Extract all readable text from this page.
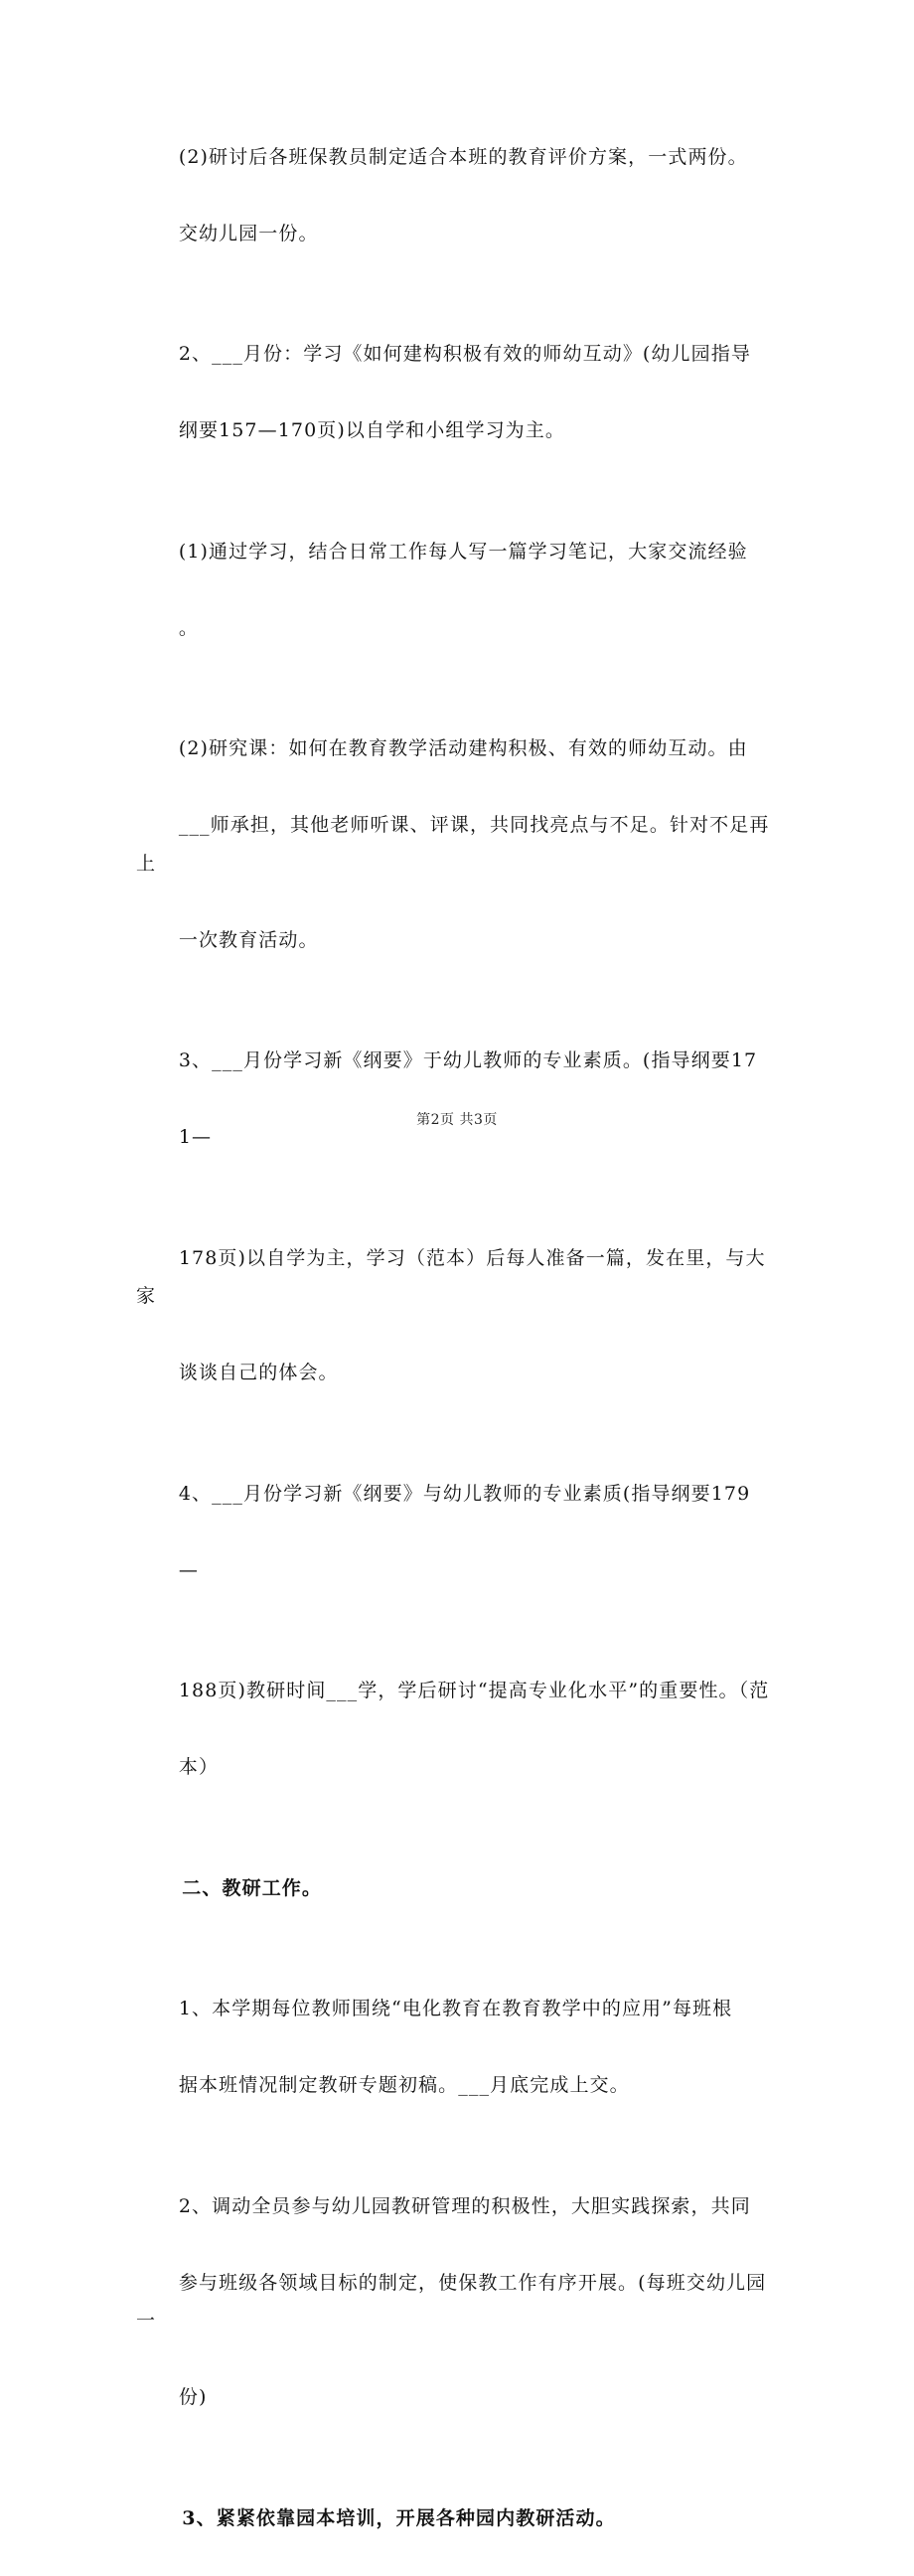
(2)研讨后各班保教员制定适合本班的教育评价方案，一式两份。

交幼儿园一份。

2、___月份：学习《如何建构积极有效的师幼互动》(幼儿园指导

纲要157—170页)以自学和小组学习为主。

(1)通过学习，结合日常工作每人写一篇学习笔记，大家交流经验

。

(2)研究课：如何在教育教学活动建构积极、有效的师幼互动。由

___师承担，其他老师听课、评课，共同找亮点与不足。针对不足再上

一次教育活动。

3、___月份学习新《纲要》于幼儿教师的专业素质。(指导纲要17

1—

178页)以自学为主，学习（范本）后每人准备一篇，发在里，与大家

谈谈自己的体会。

4、___月份学习新《纲要》与幼儿教师的专业素质(指导纲要179

—

188页)教研时间___学，学后研讨“提高专业化水平”的重要性。（范

本）

二、教研工作。

1、本学期每位教师围绕“电化教育在教育教学中的应用”每班根

据本班情况制定教研专题初稿。___月底完成上交。

2、调动全员参与幼儿园教研管理的积极性，大胆实践探索，共同

参与班级各领域目标的制定，使保教工作有序开展。(每班交幼儿园一

份)

3、紧紧依靠园本培训，开展各种园内教研活动。

第2页 共3页
